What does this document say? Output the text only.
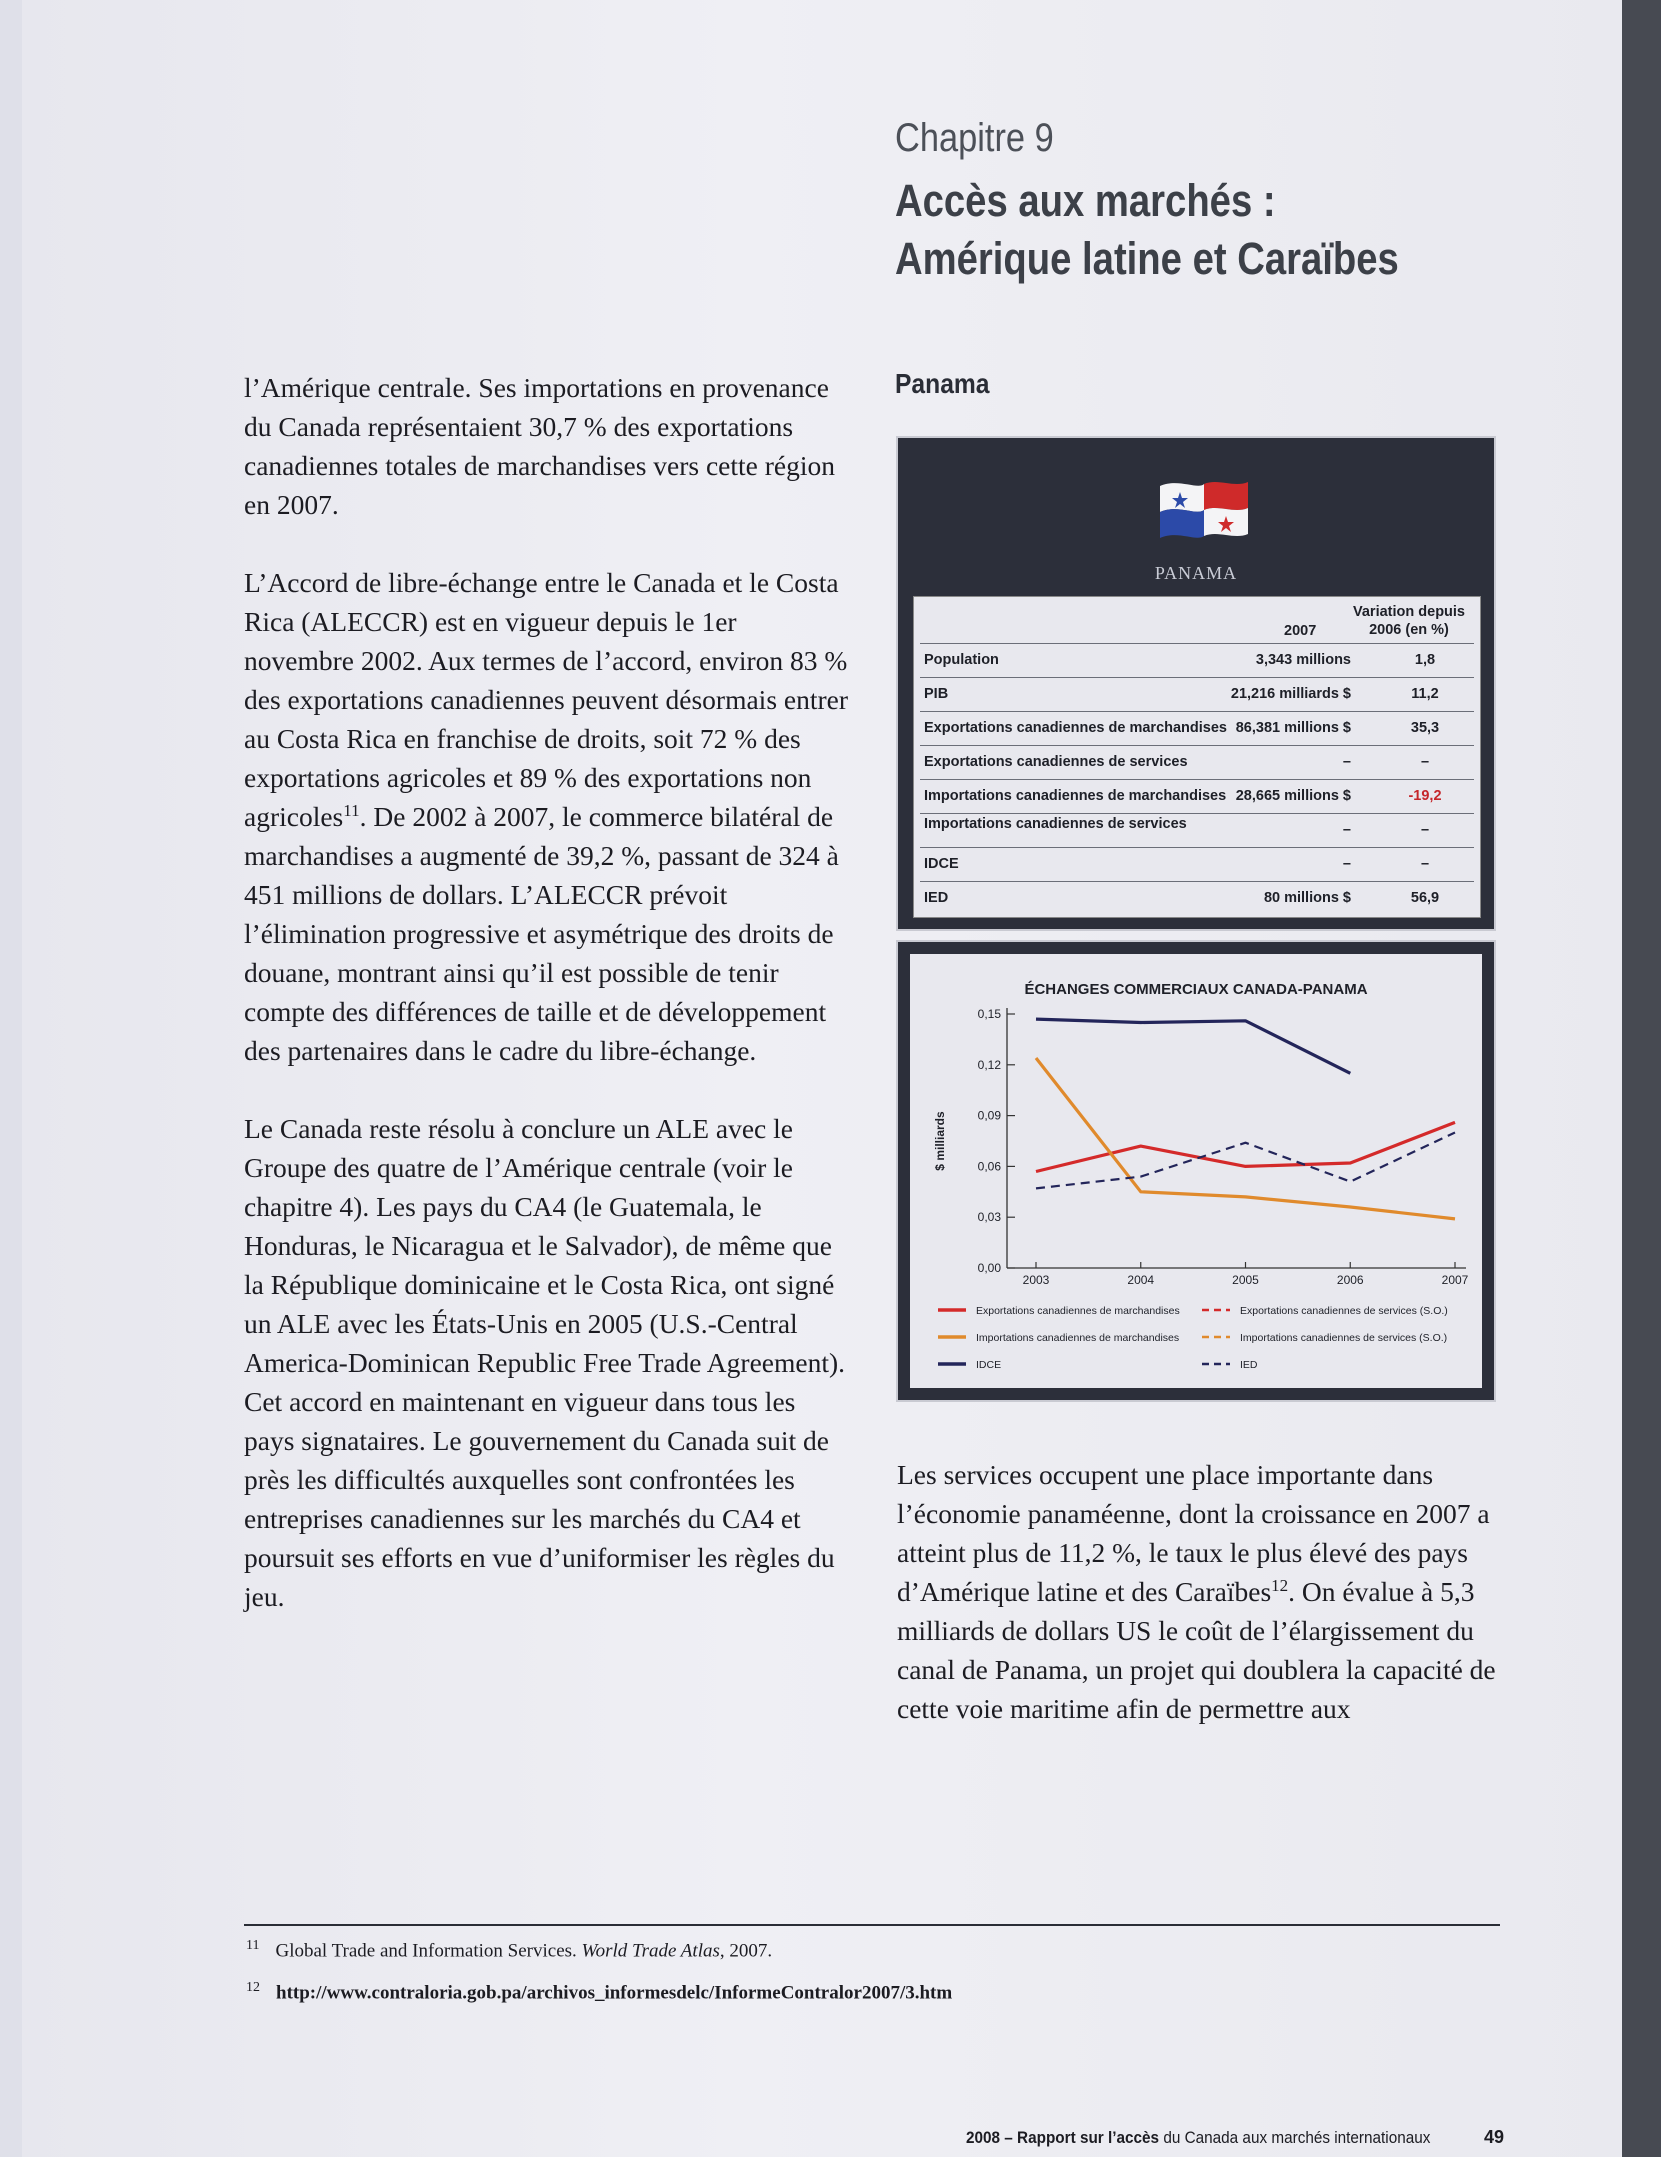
Chapitre 9
Accès aux marchés :
Amérique latine et Caraïbes

l’Amérique centrale. Ses importations en provenance du Canada représentaient 30,7 % des exportations canadiennes totales de marchandises vers cette région en 2007.

L’Accord de libre-échange entre le Canada et le Costa Rica (ALECCR) est en vigueur depuis le 1er novembre 2002. Aux termes de l’accord, environ 83 % des exportations canadiennes peuvent désormais entrer au Costa Rica en franchise de droits, soit 72 % des exportations agricoles et 89 % des exportations non agricoles$^{11}$. De 2002 à 2007, le commerce bilatéral de marchandises a augmenté de 39,2 %, passant de 324 à 451 millions de dollars. L’ALECCR prévoit l’élimination progressive et asymétrique des droits de douane, montrant ainsi qu’il est possible de tenir compte des différences de taille et de développement des partenaires dans le cadre du libre-échange.

Le Canada reste résolu à conclure un ALE avec le Groupe des quatre de l’Amérique centrale (voir le chapitre 4). Les pays du CA4 (le Guatemala, le Honduras, le Nicaragua et le Salvador), de même que la République dominicaine et le Costa Rica, ont signé un ALE avec les États-Unis en 2005 (U.S.-Central America-Dominican Republic Free Trade Agreement). Cet accord en maintenant en vigueur dans tous les pays signataires. Le gouvernement du Canada suit de près les difficultés auxquelles sont confrontées les entreprises canadiennes sur les marchés du CA4 et poursuit ses efforts en vue d’uniformiser les règles du jeu.

Panama
PANAMA
2007
Variation depuis
2006 (en %)
Population	3,343 millions	1,8
PIB	21,216 milliards $	11,2
Exportations canadiennes de marchandises 86,381 millions $	35,3
Exportations canadiennes de services	–	–
Importations canadiennes de marchandises 28,665 millions $	-19,2
Importations canadiennes de services	–	–
IDCE	–	–
IED	80 millions $	56,9
ÉCHANGES COMMERCIAUX CANADA-PANAMA
$ milliards
0,00
0,03
0,06
0,09
0,12
0,15
2003	2004	2005	2006	2007
Exportations canadiennes de marchandises	Exportations canadiennes de services (S.O.)
Importations canadiennes de marchandises	Importations canadiennes de services (S.O.)
IDCE	IED
Les services occupent une place importante dans l’économie panaméenne, dont la croissance en 2007 a atteint plus de 11,2 %, le taux le plus élevé des pays d’Amérique latine et des Caraïbes$^{12}$. On évalue à 5,3 milliards de dollars US le coût de l’élargissement du canal de Panama, un projet qui doublera la capacité de cette voie maritime afin de permettre aux
$^{11}$ Global Trade and Information Services. World Trade Atlas, 2007.
$^{12}$ http://www.contraloria.gob.pa/archivos_informesdelc/InformeContralor2007/3.htm
2008 – Rapport sur l’accès du Canada aux marchés internationaux	49
